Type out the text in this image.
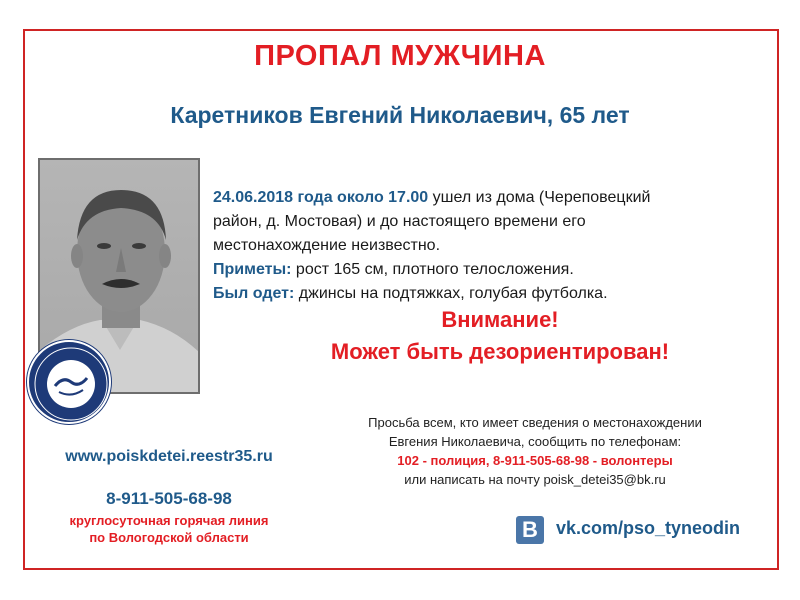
ПРОПАЛ МУЖЧИНА
Каретников Евгений Николаевич, 65 лет

24.06.2018 года около 17.00 ушел из дома (Череповецкий

район, д. Мостовая) и до настоящего времени его

местонахождение неизвестно.

Приметы: рост 165 см, плотного телосложения.

Был одет: джинсы на подтяжках, голубая футболка.

Внимание!
Может быть дезориентирован!
Просьба всем, кто имеет сведения о местонахождении
Евгения Николаевича, сообщить по телефонам:
102 - полиция, 8-911-505-68-98 - волонтеры
или написать на почту poisk_detei35@bk.ru
www.poiskdetei.reestr35.ru
8-911-505-68-98
круглосуточная горячая линия
по Вологодской области	B	vk.com/pso_tyneodin
